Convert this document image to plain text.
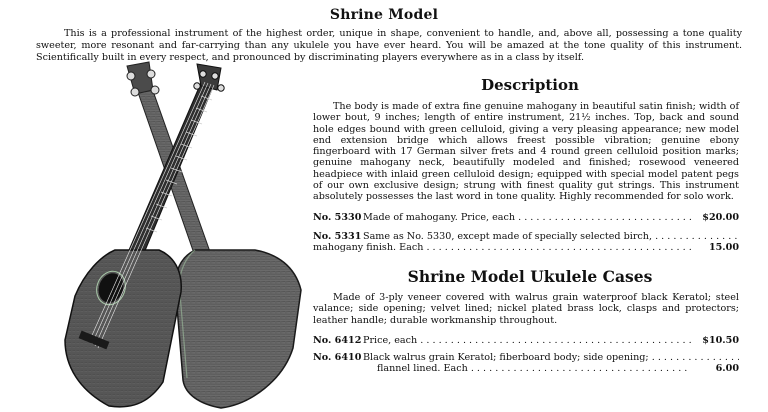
Shrine Model
This is a professional instrument of the highest order, unique in shape, convenient to handle, and, above all, possessing a tone quality sweeter, more resonant and far-carrying than any ukulele you have ever heard. You will be amazed at the tone quality of this instrument. Scientifically built in every respect, and pronounced by discriminating players everywhere as in a class by itself.
Description
The body is made of extra fine genuine mahogany in beautiful satin finish; width of lower bout, 9 inches; length of entire instrument, 21½ inches. Top, back and sound hole edges bound with green celluloid, giving a very pleasing appearance; new model end extension bridge which allows freest possible vibration; genuine ebony fingerboard with 17 German silver frets and 4 round green celluloid position marks; genuine mahogany neck, beautifully modeled and finished; rosewood veneered headpiece with inlaid green celluloid design; equipped with special model patent pegs of our own exclusive design; strung with finest quality gut strings. This instrument absolutely possesses the last word in tone quality. Highly recommended for solo work.
No. 5330 Made of mahogany. Price, each . . .	$20.00
No. 5331 Same as No. 5330, except made of specially selected birch, . . .
mahogany finish. Each . . .	15.00
Shrine Model Ukulele Cases
Made of 3-ply veneer covered with walrus grain waterproof black Keratol; steel valance; side opening; velvet lined; nickel plated brass lock, clasps and protectors; leather handle; durable workmanship throughout.
No. 6412 Price, each . . .	$10.50
No. 6410 Black walrus grain Keratol; fiberboard body; side opening; . . .
flannel lined. Each . . .	6.00
